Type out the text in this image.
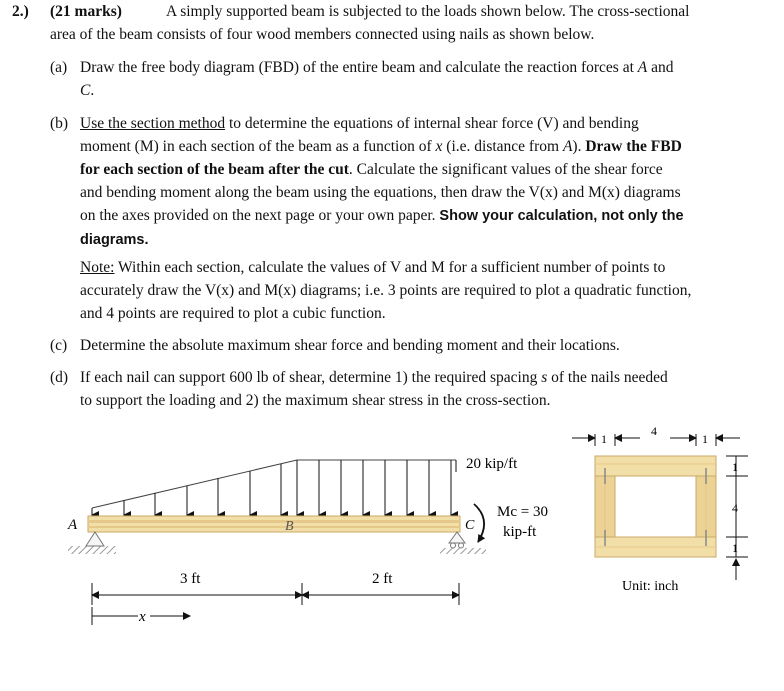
2.) (21 marks)	A simply supported beam is subjected to the loads shown below. The cross-sectional
area of the beam consists of four wood members connected using nails as shown below.
(a) Draw the free body diagram (FBD) of the entire beam and calculate the reaction forces at A and
C.
(b) Use the section method to determine the equations of internal shear force (V) and bending
moment (M) in each section of the beam as a function of x (i.e. distance from A). Draw the FBD
for each section of the beam after the cut. Calculate the significant values of the shear force
and bending moment along the beam using the equations, then draw the V(x) and M(x) diagrams
on the axes provided on the next page or your own paper. Show your calculation, not only the
diagrams.
Note: Within each section, calculate the values of V and M for a sufficient number of points to
accurately draw the V(x) and M(x) diagrams; i.e. 3 points are required to plot a quadratic function,
and 4 points are required to plot a cubic function.
(c) Determine the absolute maximum shear force and bending moment and their locations.
(d) If each nail can support 600 lb of shear, determine 1) the required spacing s of the nails needed
to support the loading and 2) the maximum shear stress in the cross-section.
20 kip/ft
A	B	C
Mc = 30
kip-ft
3 ft	2 ft
x
1
4
1
1
4
1
Unit: inch
